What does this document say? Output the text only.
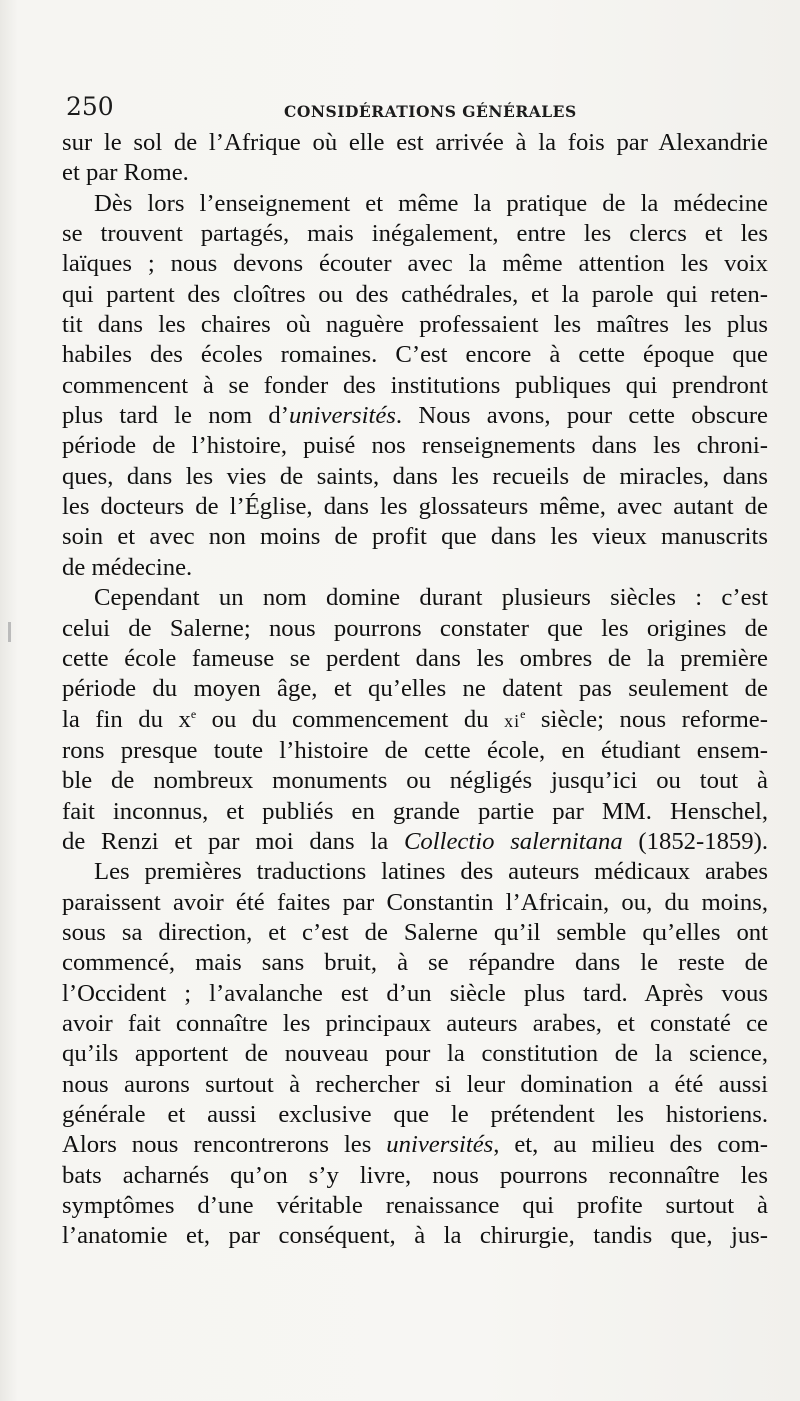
250	CONSIDÉRATIONS GÉNÉRALES
sur le sol de l’Afrique où elle est arrivée à la fois par Alexandrie
et par Rome.
Dès lors l’enseignement et même la pratique de la médecine
se trouvent partagés, mais inégalement, entre les clercs et les
laïques ; nous devons écouter avec la même attention les voix
qui partent des cloîtres ou des cathédrales, et la parole qui reten-
tit dans les chaires où naguère professaient les maîtres les plus
habiles des écoles romaines. C’est encore à cette époque que
commencent à se fonder des institutions publiques qui prendront
plus tard le nom d’universités. Nous avons, pour cette obscure
période de l’histoire, puisé nos renseignements dans les chroni-
ques, dans les vies de saints, dans les recueils de miracles, dans
les docteurs de l’Église, dans les glossateurs même, avec autant de
soin et avec non moins de profit que dans les vieux manuscrits
de médecine.
Cependant un nom domine durant plusieurs siècles : c’est
celui de Salerne; nous pourrons constater que les origines de
cette école fameuse se perdent dans les ombres de la première
période du moyen âge, et qu’elles ne datent pas seulement de
la fin du $x^e$ ou du commencement du $xi^e$ siècle; nous reforme-
rons presque toute l’histoire de cette école, en étudiant ensem-
ble de nombreux monuments ou négligés jusqu’ici ou tout à
fait inconnus, et publiés en grande partie par MM. Henschel,
de Renzi et par moi dans la Collectio salernitana (1852-1859).
Les premières traductions latines des auteurs médicaux arabes
paraissent avoir été faites par Constantin l’Africain, ou, du moins,
sous sa direction, et c’est de Salerne qu’il semble qu’elles ont
commencé, mais sans bruit, à se répandre dans le reste de
l’Occident ; l’avalanche est d’un siècle plus tard. Après vous
avoir fait connaître les principaux auteurs arabes, et constaté ce
qu’ils apportent de nouveau pour la constitution de la science,
nous aurons surtout à rechercher si leur domination a été aussi
générale et aussi exclusive que le prétendent les historiens.
Alors nous rencontrerons les universités, et, au milieu des com-
bats acharnés qu’on s’y livre, nous pourrons reconnaître les
symptômes d’une véritable renaissance qui profite surtout à
l’anatomie et, par conséquent, à la chirurgie, tandis que, jus-
